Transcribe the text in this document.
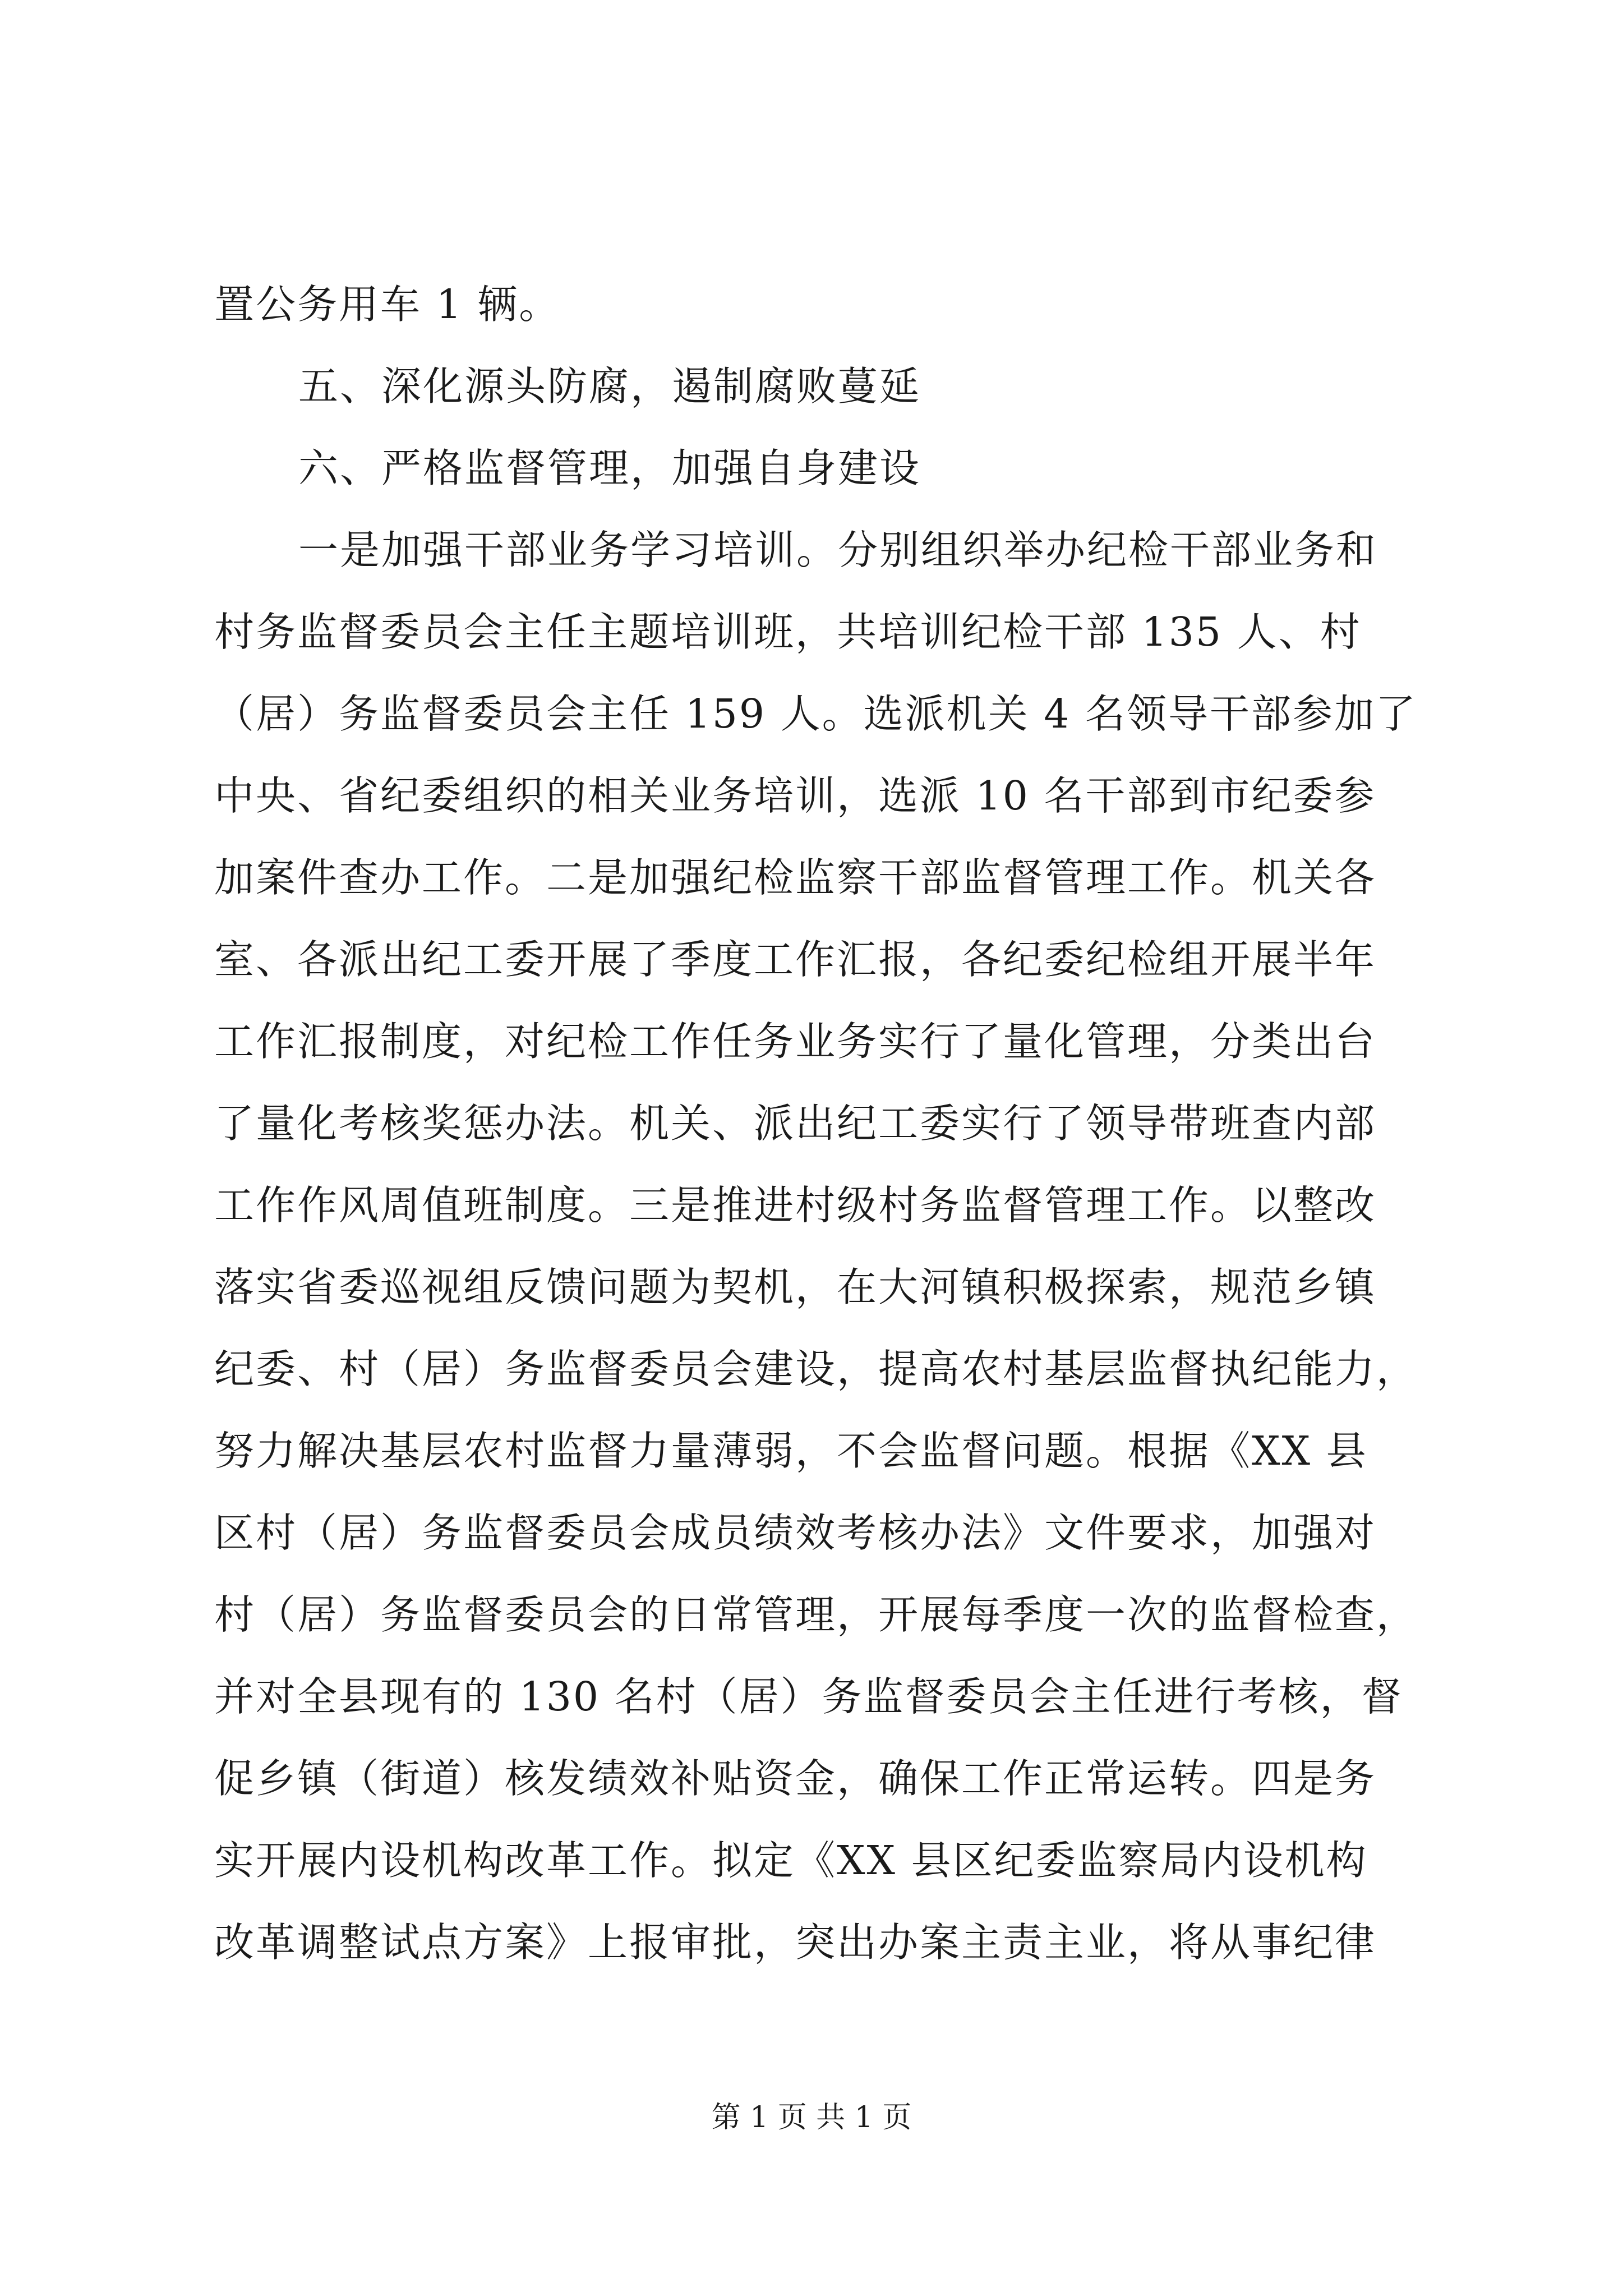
置公务用车 1 辆。
五、深化源头防腐，遏制腐败蔓延
六、严格监督管理，加强自身建设
一是加强干部业务学习培训。分别组织举办纪检干部业务和
村务监督委员会主任主题培训班，共培训纪检干部 135 人、村
（居）务监督委员会主任 159 人。选派机关 4 名领导干部参加了
中央、省纪委组织的相关业务培训，选派 10 名干部到市纪委参
加案件查办工作。二是加强纪检监察干部监督管理工作。机关各
室、各派出纪工委开展了季度工作汇报，各纪委纪检组开展半年
工作汇报制度，对纪检工作任务业务实行了量化管理，分类出台
了量化考核奖惩办法。机关、派出纪工委实行了领导带班查内部
工作作风周值班制度。三是推进村级村务监督管理工作。以整改
落实省委巡视组反馈问题为契机，在大河镇积极探索，规范乡镇
纪委、村（居）务监督委员会建设，提高农村基层监督执纪能力，
努力解决基层农村监督力量薄弱，不会监督问题。根据《XX 县
区村（居）务监督委员会成员绩效考核办法》文件要求，加强对
村（居）务监督委员会的日常管理，开展每季度一次的监督检查，
并对全县现有的 130 名村（居）务监督委员会主任进行考核，督
促乡镇（街道）核发绩效补贴资金，确保工作正常运转。四是务
实开展内设机构改革工作。拟定《XX 县区纪委监察局内设机构
改革调整试点方案》上报审批，突出办案主责主业，将从事纪律
第 1 页 共 1 页
